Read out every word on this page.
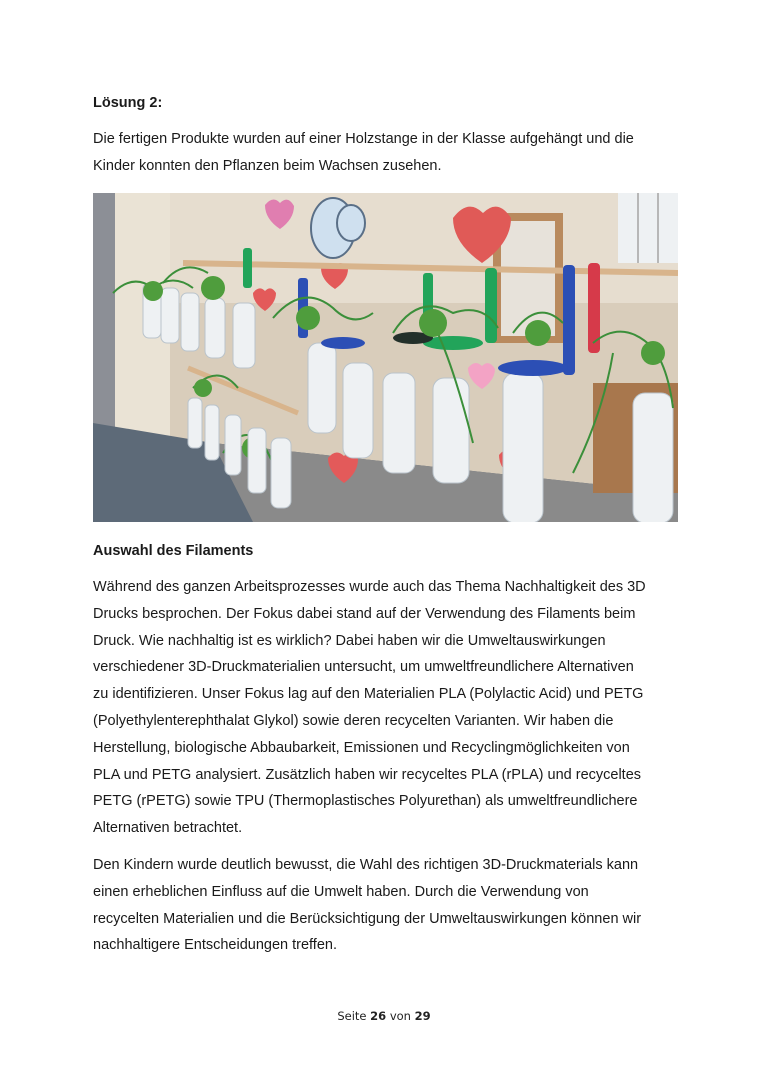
Lösung 2:
Die fertigen Produkte wurden auf einer Holzstange in der Klasse aufgehängt und die
Kinder konnten den Pflanzen beim Wachsen zusehen.
Auswahl des Filaments
Während des ganzen Arbeitsprozesses wurde auch das Thema Nachhaltigkeit des 3D
Drucks besprochen. Der Fokus dabei stand auf der Verwendung des Filaments beim
Druck. Wie nachhaltig ist es wirklich? Dabei haben wir die Umweltauswirkungen
verschiedener 3D-Druckmaterialien untersucht, um umweltfreundlichere Alternativen
zu identifizieren. Unser Fokus lag auf den Materialien PLA (Polylactic Acid) und PETG
(Polyethylenterephthalat Glykol) sowie deren recycelten Varianten. Wir haben die
Herstellung, biologische Abbaubarkeit, Emissionen und Recyclingmöglichkeiten von
PLA und PETG analysiert. Zusätzlich haben wir recyceltes PLA (rPLA) und recyceltes
PETG (rPETG) sowie TPU (Thermoplastisches Polyurethan) als umweltfreundlichere
Alternativen betrachtet.
Den Kindern wurde deutlich bewusst, die Wahl des richtigen 3D-Druckmaterials kann
einen erheblichen Einfluss auf die Umwelt haben. Durch die Verwendung von
recycelten Materialien und die Berücksichtigung der Umweltauswirkungen können wir
nachhaltigere Entscheidungen treffen.
Seite 26 von 29
